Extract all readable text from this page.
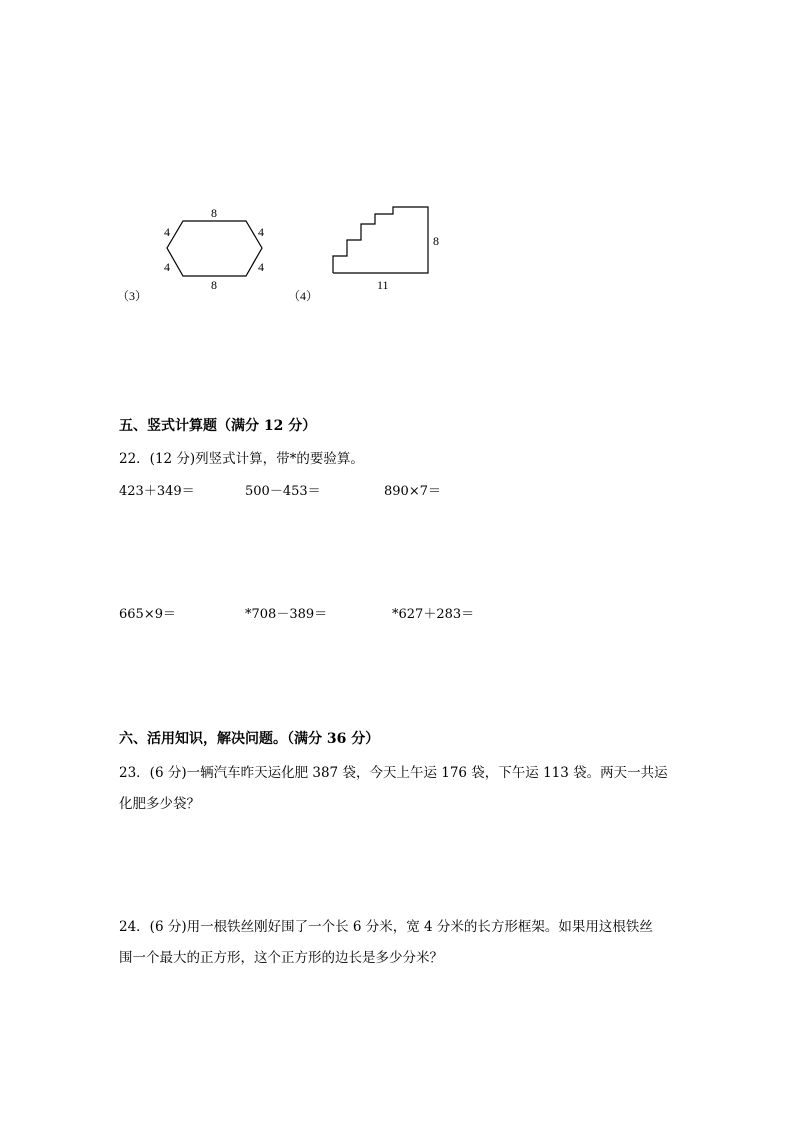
8
8
4
4
4
4
（3）
8
11
（4）
五、竖式计算题（满分 12 分）
22．(12 分)列竖式计算，带*的要验算。
423＋349＝	500－453＝	890×7＝
665×9＝	*708－389＝	*627＋283＝
六、活用知识，解决问题。（满分 36 分）
23．(6 分)一辆汽车昨天运化肥 387 袋，今天上午运 176 袋，下午运 113 袋。两天一共运
化肥多少袋？
24．(6 分)用一根铁丝刚好围了一个长 6 分米，宽 4 分米的长方形框架。如果用这根铁丝
围一个最大的正方形，这个正方形的边长是多少分米？
